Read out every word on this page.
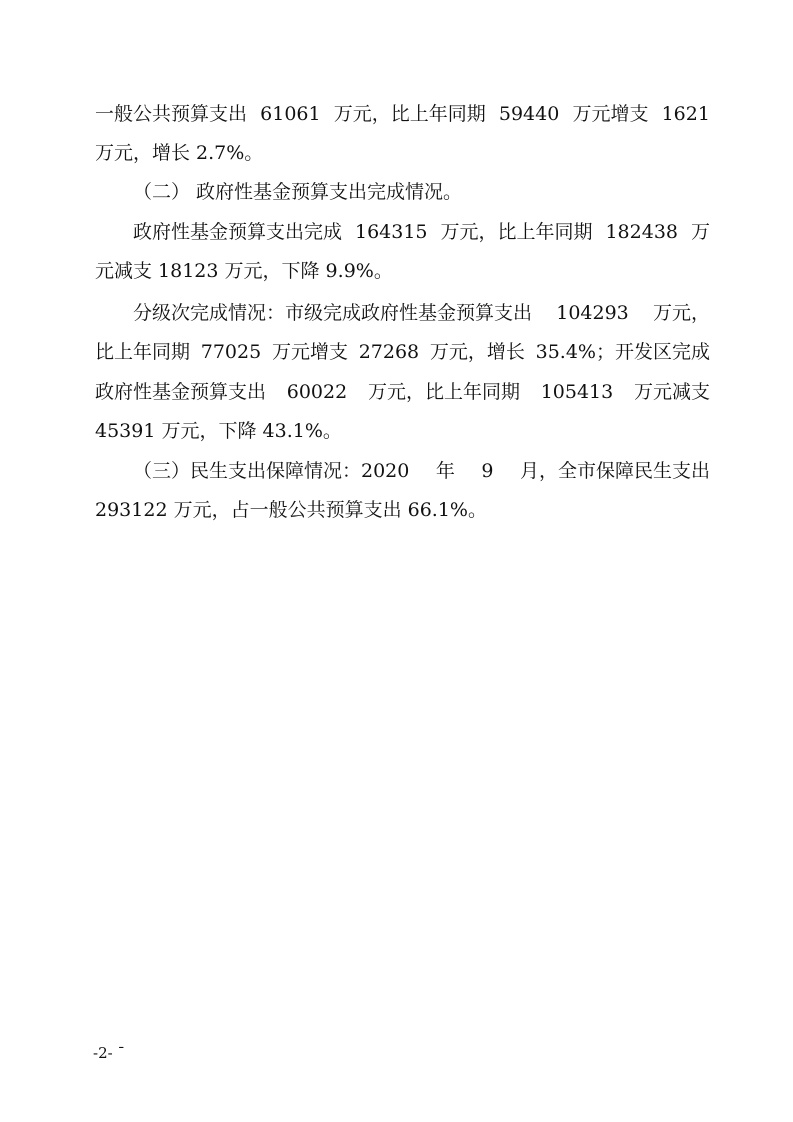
一般公共预算支出 61061 万元，比上年同期 59440 万元增支 1621
万元，增长 2.7%。
（二） 政府性基金预算支出完成情况。
政府性基金预算支出完成 164315 万元，比上年同期 182438 万
元减支 18123 万元，下降 9.9%。
分级次完成情况：市级完成政府性基金预算支出 104293 万元，
比上年同期 77025 万元增支 27268 万元，增长 35.4%；开发区完成
政府性基金预算支出 60022 万元，比上年同期 105413 万元减支
45391 万元，下降 43.1%。
（三）民生支出保障情况：2020 年 9 月，全市保障民生支出
293122 万元，占一般公共预算支出 66.1%。
-2- ˉ
